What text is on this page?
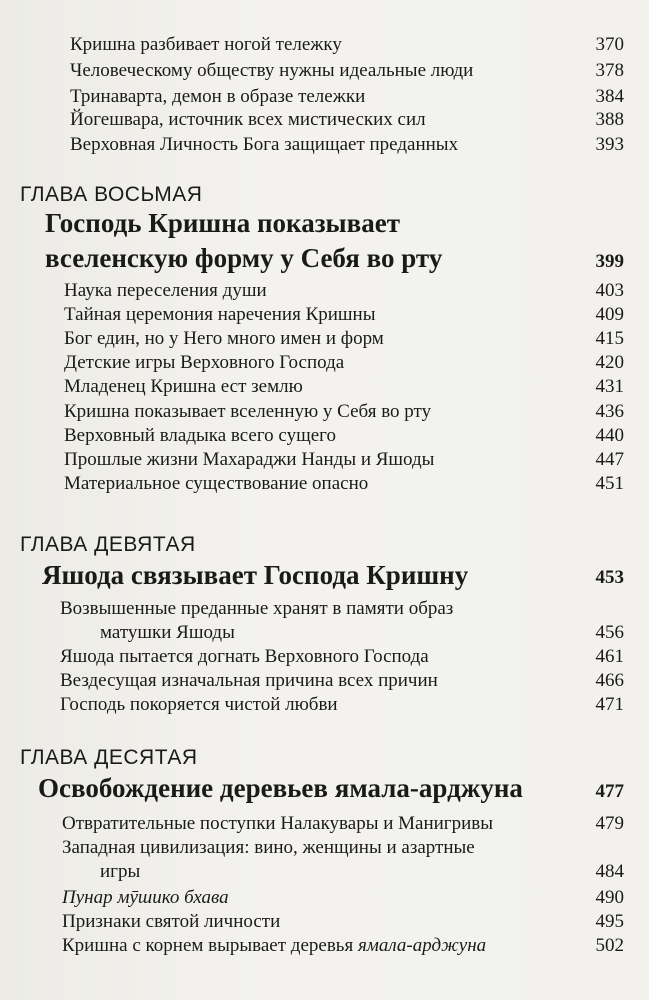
Кришна разбивает ногой тележку	370
Человеческому обществу нужны идеальные люди	378
Тринаварта, демон в образе тележки	384
Йогешвара, источник всех мистических сил	388
Верховная Личность Бога защищает преданных	393
ГЛАВА ВОСЬМАЯ
Господь Кришна показывает
вселенскую форму у Себя во рту	399
Наука переселения души	403
Тайная церемония наречения Кришны	409
Бог един, но у Него много имен и форм	415
Детские игры Верховного Господа	420
Младенец Кришна ест землю	431
Кришна показывает вселенную у Себя во рту	436
Верховный владыка всего сущего	440
Прошлые жизни Махараджи Нанды и Яшоды	447
Материальное существование опасно	451
ГЛАВА ДЕВЯТАЯ
Яшода связывает Господа Кришну	453
Возвышенные преданные хранят в памяти образ
матушки Яшоды	456
Яшода пытается догнать Верховного Господа	461
Вездесущая изначальная причина всех причин	466
Господь покоряется чистой любви	471
ГЛАВА ДЕСЯТАЯ
Освобождение деревьев ямала-арджуна	477
Отвратительные поступки Налакувары и Манигривы	479
Западная цивилизация: вино, женщины и азартные
игры	484
Пунар мӯшико бхава	490
Признаки святой личности	495
Кришна с корнем вырывает деревья ямала-арджуна	502
